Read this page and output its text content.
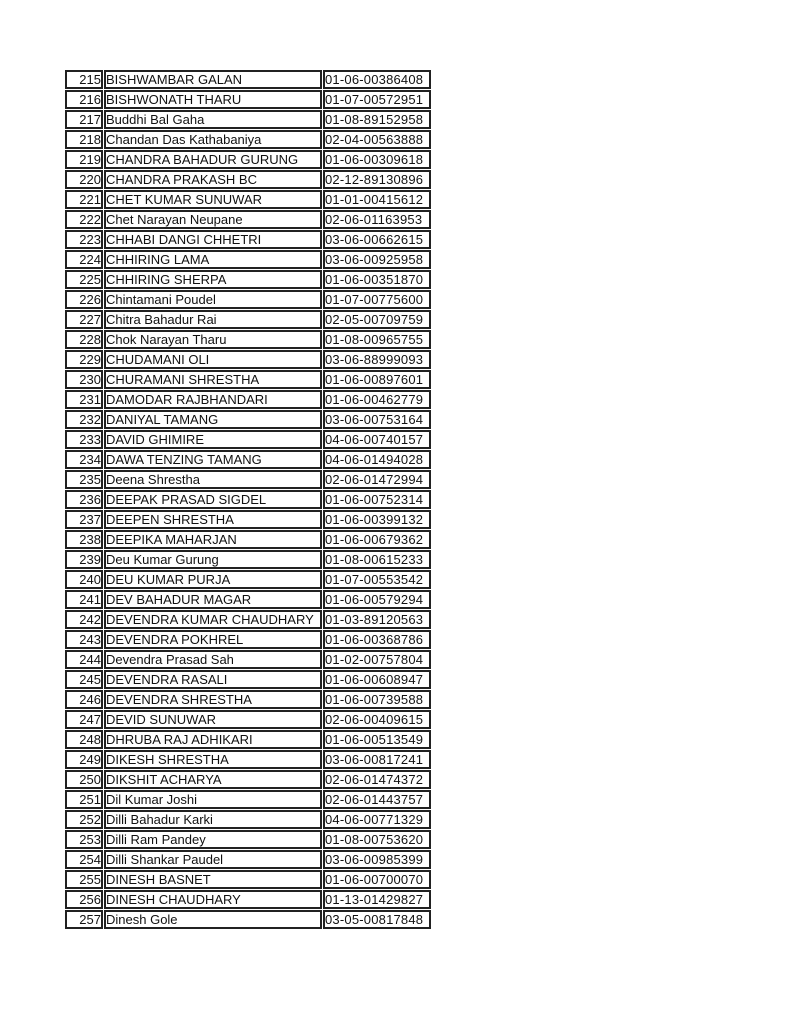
215	BISHWAMBAR GALAN	01-06-00386408
216	BISHWONATH THARU	01-07-00572951
217	Buddhi Bal Gaha	01-08-89152958
218	Chandan Das Kathabaniya	02-04-00563888
219	CHANDRA BAHADUR GURUNG	01-06-00309618
220	CHANDRA PRAKASH BC	02-12-89130896
221	CHET KUMAR SUNUWAR	01-01-00415612
222	Chet Narayan Neupane	02-06-01163953
223	CHHABI DANGI CHHETRI	03-06-00662615
224	CHHIRING LAMA	03-06-00925958
225	CHHIRING SHERPA	01-06-00351870
226	Chintamani Poudel	01-07-00775600
227	Chitra Bahadur Rai	02-05-00709759
228	Chok Narayan Tharu	01-08-00965755
229	CHUDAMANI OLI	03-06-88999093
230	CHURAMANI SHRESTHA	01-06-00897601
231	DAMODAR RAJBHANDARI	01-06-00462779
232	DANIYAL TAMANG	03-06-00753164
233	DAVID GHIMIRE	04-06-00740157
234	DAWA TENZING TAMANG	04-06-01494028
235	Deena Shrestha	02-06-01472994
236	DEEPAK PRASAD SIGDEL	01-06-00752314
237	DEEPEN SHRESTHA	01-06-00399132
238	DEEPIKA MAHARJAN	01-06-00679362
239	Deu Kumar Gurung	01-08-00615233
240	DEU KUMAR PURJA	01-07-00553542
241	DEV BAHADUR MAGAR	01-06-00579294
242	DEVENDRA KUMAR CHAUDHARY	01-03-89120563
243	DEVENDRA POKHREL	01-06-00368786
244	Devendra Prasad Sah	01-02-00757804
245	DEVENDRA RASALI	01-06-00608947
246	DEVENDRA SHRESTHA	01-06-00739588
247	DEVID SUNUWAR	02-06-00409615
248	DHRUBA RAJ ADHIKARI	01-06-00513549
249	DIKESH SHRESTHA	03-06-00817241
250	DIKSHIT ACHARYA	02-06-01474372
251	Dil Kumar Joshi	02-06-01443757
252	Dilli Bahadur Karki	04-06-00771329
253	Dilli Ram Pandey	01-08-00753620
254	Dilli Shankar Paudel	03-06-00985399
255	DINESH BASNET	01-06-00700070
256	DINESH CHAUDHARY	01-13-01429827
257	Dinesh Gole	03-05-00817848
